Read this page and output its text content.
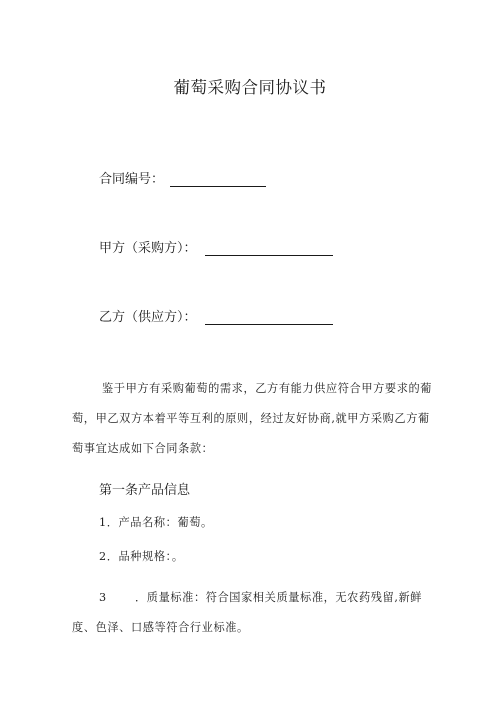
葡萄采购合同协议书
合同编号：
甲方（采购方）：
乙方（供应方）：
鉴于甲方有采购葡萄的需求，乙方有能力供应符合甲方要求的葡萄，甲乙双方本着平等互利的原则，经过友好协商,就甲方采购乙方葡萄事宜达成如下合同条款：
第一条产品信息
1．产品名称：葡萄。
2．品种规格：。
3	．质量标准：符合国家相关质量标准，无农药残留,新鲜度、色泽、口感等符合行业标准。
